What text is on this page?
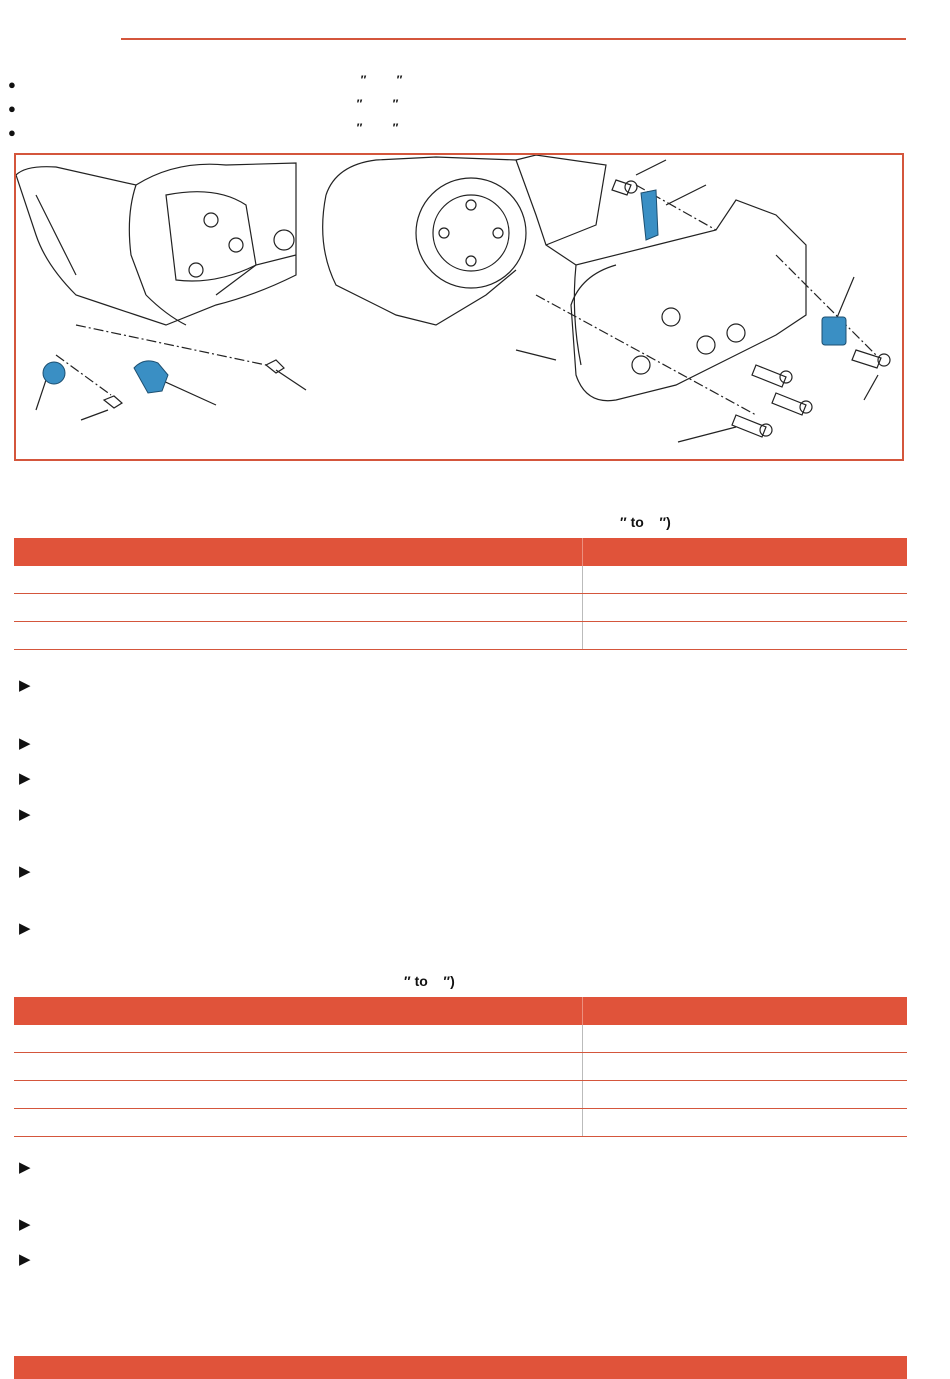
●	″	″
●	″	″
●	″	″
″ to    ″)
▶
▶
▶
▶
▶
▶
″ to    ″)
▶
▶
▶
